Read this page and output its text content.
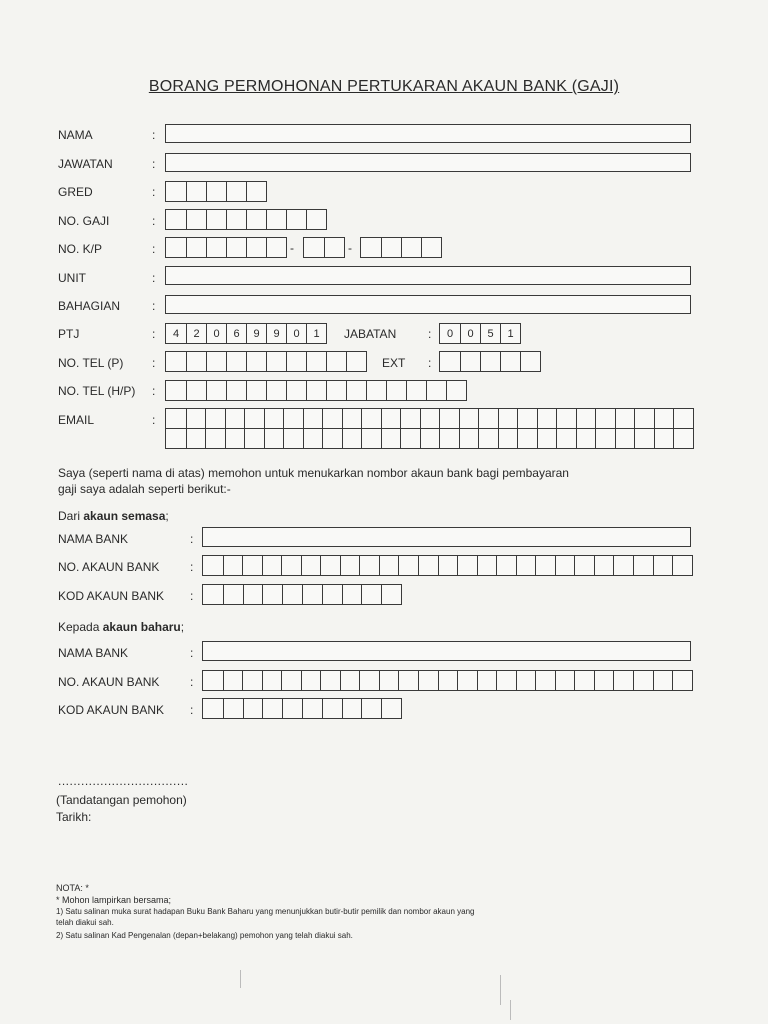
BORANG PERMOHONAN PERTUKARAN AKAUN BANK (GAJI)
NAMA	:
JAWATAN	:
GRED	:
NO. GAJI	:
NO. K/P	:	-	-
UNIT	:
BAHAGIAN	:
PTJ	:	4	2	0	6	9	9	0	1	JABATAN	:	0	0	5	1
NO. TEL (P) :	EXT :
NO. TEL (H/P) :
EMAIL	:
Saya (seperti nama di atas) memohon untuk menukarkan nombor akaun bank bagi pembayaran
gaji saya adalah seperti berikut:-
Dari akaun semasa;
NAMA BANK	:
NO. AKAUN BANK	:
KOD AKAUN BANK :
Kepada akaun baharu;
NAMA BANK	:
NO. AKAUN BANK	:
KOD AKAUN BANK :
..................................
(Tandatangan pemohon)
Tarikh:
NOTA: *
* Mohon lampirkan bersama;
1) Satu salinan muka surat hadapan Buku Bank Baharu yang menunjukkan butir-butir pemilik dan nombor akaun yang
telah diakui sah.
2) Satu salinan Kad Pengenalan (depan+belakang) pemohon yang telah diakui sah.
